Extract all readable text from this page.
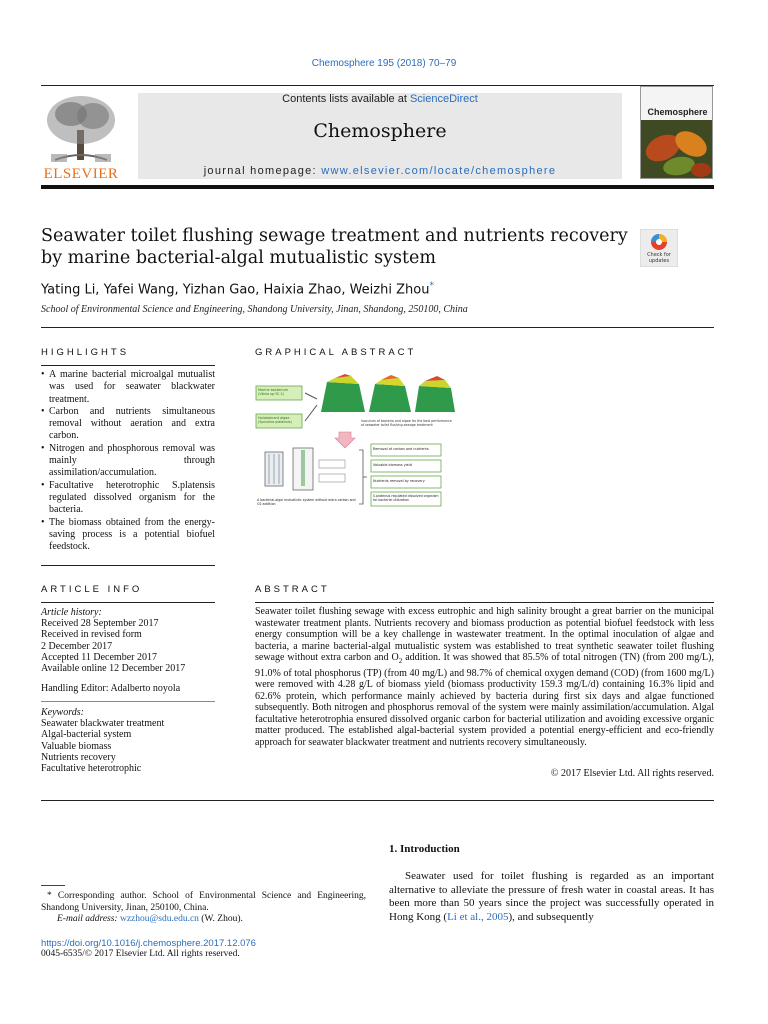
Chemosphere 195 (2018) 70–79
ELSEVIER
Contents lists available at ScienceDirect
Chemosphere
journal homepage: www.elsevier.com/locate/chemosphere
Chemosphere
Seawater toilet flushing sewage treatment and nutrients recovery by marine bacterial-algal mutualistic system	Check for updates
Yating Li, Yafei Wang, Yizhan Gao, Haixia Zhao, Weizhi Zhou*
School of Environmental Science and Engineering, Shandong University, Jinan, Shandong, 250100, China
HIGHLIGHTS
• A marine bacterial microalgal mutualist was used for seawater blackwater treatment.
• Carbon and nutrients simultaneous removal without aeration and extra carbon.
• Nitrogen and phosphorous removal was mainly through assimilation/accumulation.
• Facultative heterotrophic S.platensis regulated dissolved organism for the bacteria.
• The biomass obtained from the energy-saving process is a potential biofuel feedstock.
GRAPHICAL ABSTRACT
Marine bacterium (Vibrio sp.YC-1)
Holotolerant algae (Spirulina platensis)	Inoculum of bacteria and algae for the best performance of seawater toilet flushing sewage treatment
Removal of carbon and nutrients
Valuable biomass yield
Nutrients removal by recovery
S.platensis regulated dissolved organism for bacterial utilization
A bacterial-algal mutualistic system without extra carbon and O2 addition
ARTICLE INFO
Article history:
Received 28 September 2017
Received in revised form
2 December 2017
Accepted 11 December 2017
Available online 12 December 2017
Handling Editor: Adalberto noyola
Keywords:
Seawater blackwater treatment
Algal-bacterial system
Valuable biomass
Nutrients recovery
Facultative heterotrophic
ABSTRACT
Seawater toilet flushing sewage with excess eutrophic and high salinity brought a great barrier on the municipal wastewater treatment plants. Nutrients recovery and biomass production as potential biofuel feedstock with less energy consumption will be a key challenge in wastewater treatment. In the optimal inoculation of algae and bacteria, a marine bacterial-algal mutualistic system was established to treat synthetic seawater toilet flushing sewage without extra carbon and $O_2$ addition. It was showed that 85.5% of total nitrogen (TN) (from 200 mg/L), 91.0% of total phosphorus (TP) (from 40 mg/L) and 98.7% of chemical oxygen demand (COD) (from 1600 mg/L) were removed with 4.28 g/L of biomass yield (biomass productivity 159.3 mg/L/d) containing 16.3% lipid and 62.6% protein, which performance mainly achieved by bacteria during first six days and algae functioned subsequently. Both nitrogen and phosphorus removal of the system were mainly assimilation/accumulation. Algal facultative heterotrophia ensured dissolved organic carbon for bacterial utilization and avoiding excessive organic matter produced. The established algal-bacterial system provided a potential energy-efficient and eco-friendly approach for seawater blackwater treatment and nutrients recovery simultaneously.
© 2017 Elsevier Ltd. All rights reserved.
1. Introduction
Seawater used for toilet flushing is regarded as an important alternative to alleviate the pressure of fresh water in coastal areas. It has been more than 50 years since the project was successfully operated in Hong Kong (Li et al., 2005), and subsequently
* Corresponding author. School of Environmental Science and Engineering, Shandong University, Jinan, 250100, China.
E-mail address: wzzhou@sdu.edu.cn (W. Zhou).
https://doi.org/10.1016/j.chemosphere.2017.12.076
0045-6535/© 2017 Elsevier Ltd. All rights reserved.
